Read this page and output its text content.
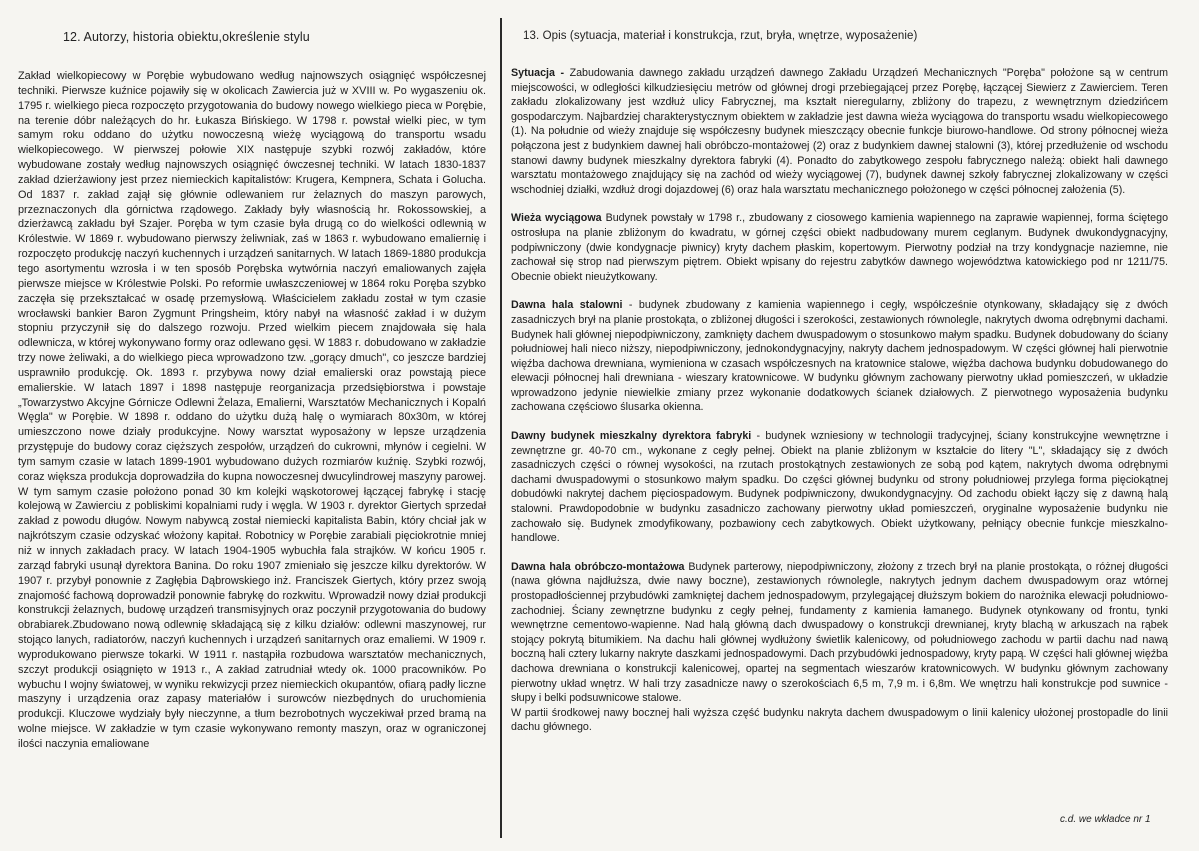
12. Autorzy, historia obiektu,określenie stylu

Zakład wielkopiecowy w Porębie wybudowano według najnowszych osiągnięć współczesnej techniki. Pierwsze kuźnice pojawiły się w okolicach Zawiercia już w XVIII w. Po wygaszeniu ok. 1795 r. wielkiego pieca rozpoczęto przygotowania do budowy nowego wielkiego pieca w Porębie, na terenie dóbr należących do hr. Łukasza Bińskiego. W 1798 r. powstał wielki piec, w tym samym roku oddano do użytku nowoczesną wieżę wyciągową do transportu wsadu wielkopiecowego. W pierwszej połowie XIX następuje szybki rozwój zakładów, które wybudowane zostały według najnowszych osiągnięć ówczesnej techniki. W latach 1830-1837 zakład dzierżawiony jest przez niemieckich kapitalistów: Krugera, Kempnera, Schata i Golucha. Od 1837 r. zakład zajął się głównie odlewaniem rur żelaznych do maszyn parowych, przeznaczonych dla górnictwa rządowego. Zakłady były własnością hr. Rokossowskiej, a dzierżawcą zakładu był Szajer. Poręba w tym czasie była drugą co do wielkości odlewnią w Królestwie. W 1869 r. wybudowano pierwszy żeliwniak, zaś w 1863 r. wybudowano emaliernię i rozpoczęto produkcję naczyń kuchennych i urządzeń sanitarnych. W latach 1869-1880 produkcja tego asortymentu wzrosła i w ten sposób Porębska wytwórnia naczyń emaliowanych zajęła pierwsze miejsce w Królestwie Polski. Po reformie uwłaszczeniowej w 1864 roku Poręba szybko zaczęła się przekształcać w osadę przemysłową. Właścicielem zakładu został w tym czasie wrocławski bankier Baron Zygmunt Pringsheim, który nabył na własność zakład i w dużym stopniu przyczynił się do dalszego rozwoju. Przed wielkim piecem znajdowała się hala odlewnicza, w której wykonywano formy oraz odlewano gęsi. W 1883 r. dobudowano w zakładzie trzy nowe żeliwaki, a do wielkiego pieca wprowadzono tzw. „gorący dmuch", co jeszcze bardziej usprawniło produkcję. Ok. 1893 r. przybywa nowy dział emalierski oraz powstają piece emalierskie. W latach 1897 i 1898 następuje reorganizacja przedsiębiorstwa i powstaje „Towarzystwo Akcyjne Górnicze Odlewni Żelaza, Emalierni, Warsztatów Mechanicznych i Kopalń Węgla" w Porębie. W 1898 r. oddano do użytku dużą halę o wymiarach 80x30m, w której umieszczono nowe działy produkcyjne. Nowy warsztat wyposażony w lepsze urządzenia przystępuje do budowy coraz cięższych zespołów, urządzeń do cukrowni, młynów i cegielni. W tym samym czasie w latach 1899-1901 wybudowano dużych rozmiarów kuźnię. Szybki rozwój, coraz większa produkcja doprowadziła do kupna nowoczesnej dwucylindrowej maszyny parowej. W tym samym czasie położono ponad 30 km kolejki wąskotorowej łączącej fabrykę i stację kolejową w Zawierciu z pobliskimi kopalniami rudy i węgla. W 1903 r. dyrektor Giertych sprzedał zakład z powodu długów. Nowym nabywcą został niemiecki kapitalista Babin, który chciał jak w najkrótszym czasie odzyskać włożony kapitał. Robotnicy w Porębie zarabiali pięciokrotnie mniej niż w innych zakładach pracy. W latach 1904-1905 wybuchła fala strajków. W końcu 1905 r. zarząd fabryki usunął dyrektora Banina. Do roku 1907 zmieniało się jeszcze kilku dyrektorów. W 1907 r. przybył ponownie z Zagłębia Dąbrowskiego inż. Franciszek Giertych, który przez swoją znajomość fachową doprowadził ponownie fabrykę do rozkwitu. Wprowadził nowy dział produkcji konstrukcji żelaznych, budowę urządzeń transmisyjnych oraz poczynił przygotowania do budowy obrabiarek.Zbudowano nową odlewnię składającą się z kilku działów: odlewni maszynowej, rur stojąco lanych, radiatorów, naczyń kuchennych i urządzeń sanitarnych oraz emaliemi. W 1909 r. wyprodukowano pierwsze tokarki. W 1911 r. nastąpiła rozbudowa warsztatów mechanicznych, szczyt produkcji osiągnięto w 1913 r., A zakład zatrudniał wtedy ok. 1000 pracowników. Po wybuchu I wojny światowej, w wyniku rekwizycji przez niemieckich okupantów, ofiarą padły liczne maszyny i urządzenia oraz zapasy materiałów i surowców niezbędnych do uruchomienia produkcji. Kluczowe wydziały były nieczynne, a tłum bezrobotnych wyczekiwał przed bramą na wolne miejsce. W zakładzie w tym czasie wykonywano remonty maszyn, oraz w ograniczonej ilości naczynia emaliowane

13. Opis (sytuacja, materiał i konstrukcja, rzut, bryła, wnętrze, wyposażenie)

Sytuacja - Zabudowania dawnego zakładu urządzeń dawnego Zakładu Urządzeń Mechanicznych "Poręba" położone są w centrum miejscowości, w odległości kilkudziesięciu metrów od głównej drogi przebiegającej przez Porębę, łączącej Siewierz z Zawierciem. Teren zakładu zlokalizowany jest wzdłuż ulicy Fabrycznej, ma kształt nieregularny, zbliżony do trapezu, z wewnętrznym dziedzińcem gospodarczym. Najbardziej charakterystycznym obiektem w zakładzie jest dawna wieża wyciągowa do transportu wsadu wielkopiecowego (1). Na południe od wieży znajduje się współczesny budynek mieszczący obecnie funkcje biurowo-handlowe. Od strony północnej wieża połączona jest z budynkiem dawnej hali obróbczo-montażowej (2) oraz z budynkiem dawnej stalowni (3), której przedłużenie od wschodu stanowi dawny budynek mieszkalny dyrektora fabryki (4). Ponadto do zabytkowego zespołu fabrycznego należą: obiekt hali dawnego warsztatu montażowego znajdujący się na zachód od wieży wyciągowej (7), budynek dawnej szkoły fabrycznej zlokalizowany w części wschodniej działki, wzdłuż drogi dojazdowej (6) oraz hala warsztatu mechanicznego położonego w części północnej założenia (5).

Wieża wyciągowa Budynek powstały w 1798 r., zbudowany z ciosowego kamienia wapiennego na zaprawie wapiennej, forma ściętego ostrosłupa na planie zbliżonym do kwadratu, w górnej części obiekt nadbudowany murem ceglanym. Budynek dwukondygnacyjny, podpiwniczony (dwie kondygnacje piwnicy) kryty dachem płaskim, kopertowym. Pierwotny podział na trzy kondygnacje naziemne, nie zachował się strop nad pierwszym piętrem. Obiekt wpisany do rejestru zabytków dawnego województwa katowickiego pod nr 1211/75. Obecnie obiekt nieużytkowany.

Dawna hala stalowni - budynek zbudowany z kamienia wapiennego i cegły, współcześnie otynkowany, składający się z dwóch zasadniczych brył na planie prostokąta, o zbliżonej długości i szerokości, zestawionych równolegle, nakrytych dwoma odrębnymi dachami. Budynek hali głównej niepodpiwniczony, zamknięty dachem dwuspadowym o stosunkowo małym spadku. Budynek dobudowany do ściany południowej hali nieco niższy, niepodpiwniczony, jednokondygnacyjny, nakryty dachem jednospadowym. W części głównej hali pierwotnie więźba dachowa drewniana, wymieniona w czasach współczesnych na kratownice stalowe, więźba dachowa budynku dobudowanego do elewacji północnej hali drewniana - wieszary kratownicowe. W budynku głównym zachowany pierwotny układ pomieszczeń, w układzie wprowadzono jedynie niewielkie zmiany przez wykonanie dodatkowych ścianek działowych. Z pierwotnego wyposażenia budynku zachowana częściowo ślusarka okienna.

Dawny budynek mieszkalny dyrektora fabryki - budynek wzniesiony w technologii tradycyjnej, ściany konstrukcyjne wewnętrzne i zewnętrzne gr. 40-70 cm., wykonane z cegły pełnej. Obiekt na planie zbliżonym w kształcie do litery "L", składający się z dwóch zasadniczych części o równej wysokości, na rzutach prostokątnych zestawionych ze sobą pod kątem, nakrytych dwoma odrębnymi dachami dwuspadowymi o stosunkowo małym spadku. Do części głównej budynku od strony południowej przylega forma pięciokątnej dobudówki nakrytej dachem pięciospadowym. Budynek podpiwniczony, dwukondygnacyjny. Od zachodu obiekt łączy się z dawną halą stalowni. Prawdopodobnie w budynku zasadniczo zachowany pierwotny układ pomieszczeń, oryginalne wyposażenie budynku nie zachowało się. Budynek zmodyfikowany, pozbawiony cech zabytkowych. Obiekt użytkowany, pełniący obecnie funkcje mieszkalno-handlowe.

Dawna hala obróbczo-montażowa Budynek parterowy, niepodpiwniczony, złożony z trzech brył na planie prostokąta, o różnej długości (nawa główna najdłuższa, dwie nawy boczne), zestawionych równolegle, nakrytych jednym dachem dwuspadowym oraz wtórnej prostopadłościennej przybudówki zamkniętej dachem jednospadowym, przylegającej dłuższym bokiem do narożnika elewacji południowo-zachodniej. Ściany zewnętrzne budynku z cegły pełnej, fundamenty z kamienia łamanego. Budynek otynkowany od frontu, tynki wewnętrzne cementowo-wapienne. Nad halą główną dach dwuspadowy o konstrukcji drewnianej, kryty blachą w arkuszach na rąbek stojący pokrytą bitumikiem. Na dachu hali głównej wydłużony świetlik kalenicowy, od południowego zachodu w partii dachu nad nawą boczną hali cztery lukarny nakryte daszkami jednospadowymi. Dach przybudówki jednospadowy, kryty papą. W części hali głównej więźba dachowa drewniana o konstrukcji kalenicowej, opartej na segmentach wieszarów kratownicowych. W budynku głównym zachowany pierwotny układ wnętrz. W hali trzy zasadnicze nawy o szerokościach 6,5 m, 7,9 m. i 6,8m. We wnętrzu hali konstrukcje pod suwnice - słupy i belki podsuwnicowe stalowe.

W partii środkowej nawy bocznej hali wyższa część budynku nakryta dachem dwuspadowym o linii kalenicy ułożonej prostopadle do linii dachu głównego.

c.d. we wkładce nr 1
